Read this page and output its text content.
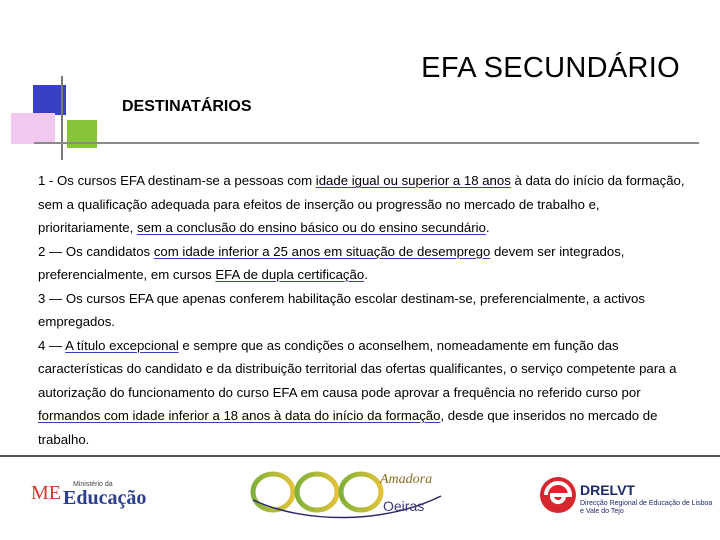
EFA SECUNDÁRIO
DESTINATÁRIOS

1 - Os cursos EFA destinam-se a pessoas com idade igual ou superior a 18 anos à data do início da formação, sem a qualificação adequada para efeitos de inserção ou progressão no mercado de trabalho e, prioritariamente, sem a conclusão do ensino básico ou do ensino secundário.

2 — Os candidatos com idade inferior a 25 anos em situação de desemprego devem ser integrados, preferencialmente, em cursos EFA de dupla certificação.

3 — Os cursos EFA que apenas conferem habilitação escolar destinam-se, preferencialmente, a activos empregados.

4 — A título excepcional e sempre que as condições o aconselhem, nomeadamente em função das características do candidato e da distribuição territorial das ofertas qualificantes, o serviço competente para a autorização do funcionamento do curso EFA em causa pode aprovar a frequência no referido curso por formandos com idade inferior a 18 anos à data do início da formação, desde que inseridos no mercado de trabalho.

ME Ministério da
Educação
Amadora
Oeiras
DRELVT
Direcção Regional de Educação de Lisboa e Vale do Tejo
